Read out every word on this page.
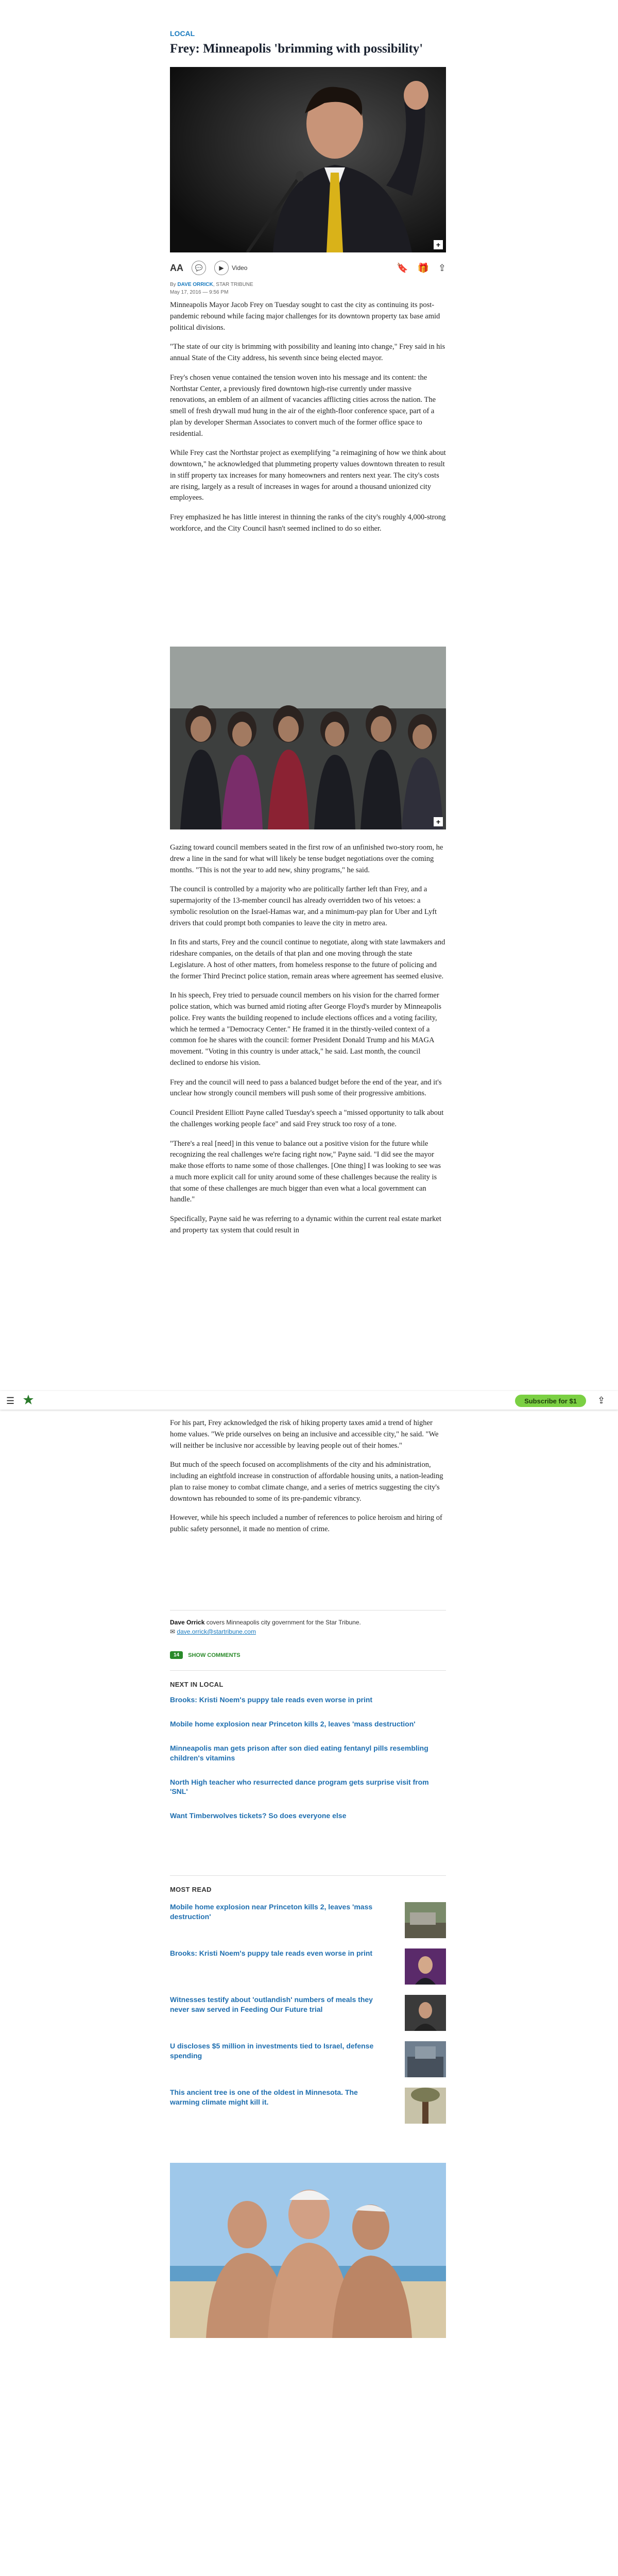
LOCAL
Frey: Minneapolis 'brimming with possibility'
+
AA	💬	▶	Video	🔖 🎁 ⇪
By DAVE ORRICK, STAR TRIBUNE
May 17, 2016 — 9:56 PM

Minneapolis Mayor Jacob Frey on Tuesday sought to cast the city as continuing its post-pandemic rebound while facing major challenges for its downtown property tax base amid political divisions.

"The state of our city is brimming with possibility and leaning into change," Frey said in his annual State of the City address, his seventh since being elected mayor.

Frey's chosen venue contained the tension woven into his message and its content: the Northstar Center, a previously fired downtown high-rise currently under massive renovations, an emblem of an ailment of vacancies afflicting cities across the nation. The smell of fresh drywall mud hung in the air of the eighth-floor conference space, part of a plan by developer Sherman Associates to convert much of the former office space to residential.

While Frey cast the Northstar project as exemplifying "a reimagining of how we think about downtown," he acknowledged that plummeting property values downtown threaten to result in stiff property tax increases for many homeowners and renters next year. The city's costs are rising, largely as a result of increases in wages for around a thousand unionized city employees.

Frey emphasized he has little interest in thinning the ranks of the city's roughly 4,000-strong workforce, and the City Council hasn't seemed inclined to do so either.

+

Gazing toward council members seated in the first row of an unfinished two-story room, he drew a line in the sand for what will likely be tense budget negotiations over the coming months. "This is not the year to add new, shiny programs," he said.

The council is controlled by a majority who are politically farther left than Frey, and a supermajority of the 13-member council has already overridden two of his vetoes: a symbolic resolution on the Israel-Hamas war, and a minimum-pay plan for Uber and Lyft drivers that could prompt both companies to leave the city in metro area.

In fits and starts, Frey and the council continue to negotiate, along with state lawmakers and rideshare companies, on the details of that plan and one moving through the state Legislature. A host of other matters, from homeless response to the future of policing and the former Third Precinct police station, remain areas where agreement has seemed elusive.

In his speech, Frey tried to persuade council members on his vision for the charred former police station, which was burned amid rioting after George Floyd's murder by Minneapolis police. Frey wants the building reopened to include elections offices and a voting facility, which he termed a "Democracy Center." He framed it in the thirstly-veiled context of a common foe he shares with the council: former President Donald Trump and his MAGA movement. "Voting in this country is under attack," he said. Last month, the council declined to endorse his vision.

Frey and the council will need to pass a balanced budget before the end of the year, and it's unclear how strongly council members will push some of their progressive ambitions.

Council President Elliott Payne called Tuesday's speech a "missed opportunity to talk about the challenges working people face" and said Frey struck too rosy of a tone.

"There's a real [need] in this venue to balance out a positive vision for the future while recognizing the real challenges we're facing right now," Payne said. "I did see the mayor make those efforts to name some of those challenges. [One thing] I was looking to see was a much more explicit call for unity around some of these challenges because the reality is that some of these challenges are much bigger than even what a local government can handle."

Specifically, Payne said he was referring to a dynamic within the current real estate market and property tax system that could result in

☰	Subscribe for $1	⇪

For his part, Frey acknowledged the risk of hiking property taxes amid a trend of higher home values. "We pride ourselves on being an inclusive and accessible city," he said. "We will neither be inclusive nor accessible by leaving people out of their homes."

But much of the speech focused on accomplishments of the city and his administration, including an eightfold increase in construction of affordable housing units, a nation-leading plan to raise money to combat climate change, and a series of metrics suggesting the city's downtown has rebounded to some of its pre-pandemic vibrancy.

However, while his speech included a number of references to police heroism and hiring of public safety personnel, it made no mention of crime.

Dave Orrick covers Minneapolis city government for the Star Tribune.
✉ dave.orrick@startribune.com
14	SHOW COMMENTS
NEXT IN LOCAL
Brooks: Kristi Noem's puppy tale reads even worse in print
Mobile home explosion near Princeton kills 2, leaves 'mass destruction'
Minneapolis man gets prison after son died eating fentanyl pills resembling children's vitamins
North High teacher who resurrected dance program gets surprise visit from 'SNL'
Want Timberwolves tickets? So does everyone else
MOST READ
Mobile home explosion near Princeton kills 2, leaves 'mass destruction'
Brooks: Kristi Noem's puppy tale reads even worse in print
Witnesses testify about 'outlandish' numbers of meals they never saw served in Feeding Our Future trial
U discloses $5 million in investments tied to Israel, defense spending
This ancient tree is one of the oldest in Minnesota. The warming climate might kill it.
